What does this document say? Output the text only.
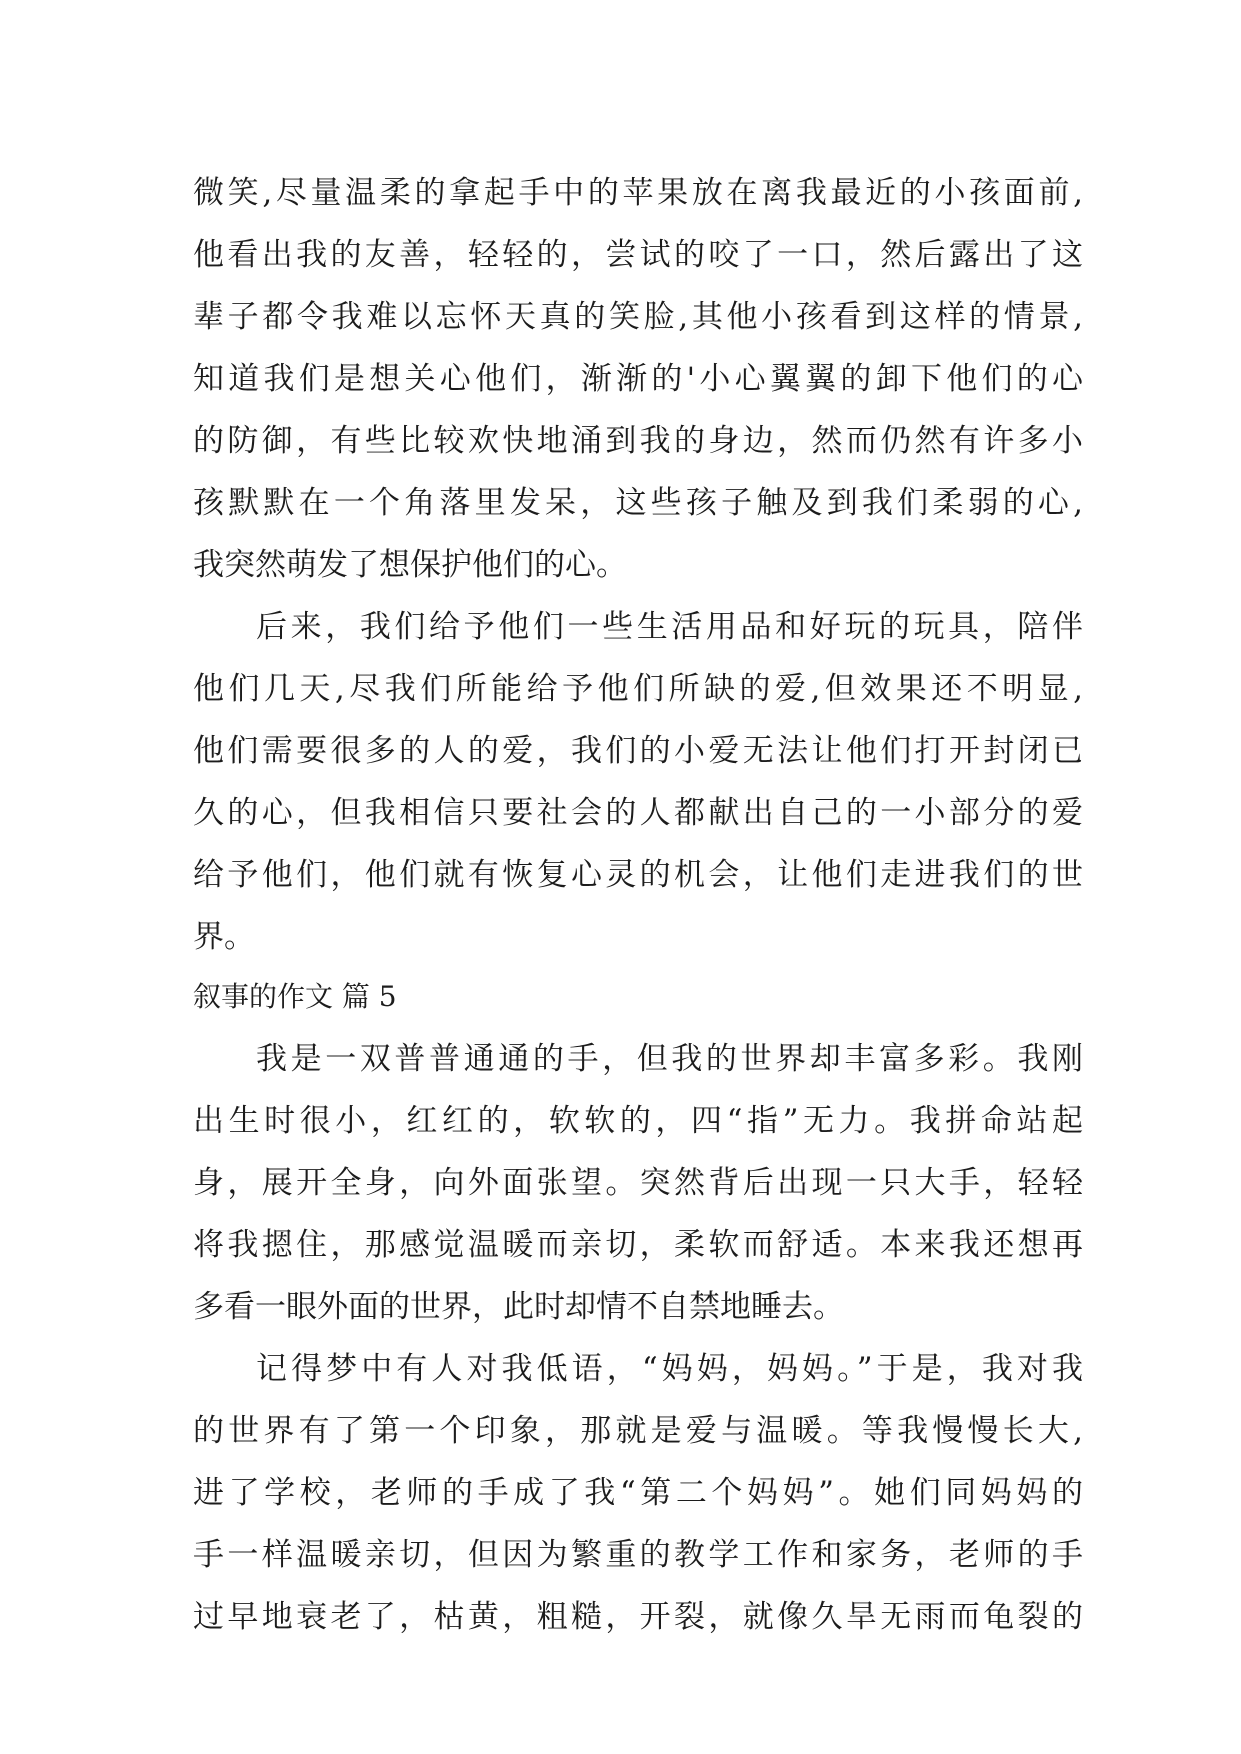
微笑,尽量温柔的拿起手中的苹果放在离我最近的小孩面前,
他看出我的友善，轻轻的，尝试的咬了一口，然后露出了这
辈子都令我难以忘怀天真的笑脸,其他小孩看到这样的情景,
知道我们是想关心他们，渐渐的'小心翼翼的卸下他们的心
的防御，有些比较欢快地涌到我的身边，然而仍然有许多小
孩默默在一个角落里发呆，这些孩子触及到我们柔弱的心,
我突然萌发了想保护他们的心。
后来，我们给予他们一些生活用品和好玩的玩具，陪伴
他们几天,尽我们所能给予他们所缺的爱,但效果还不明显,
他们需要很多的人的爱，我们的小爱无法让他们打开封闭已
久的心，但我相信只要社会的人都献出自己的一小部分的爱
给予他们，他们就有恢复心灵的机会，让他们走进我们的世
界。
叙事的作文 篇 5
我是一双普普通通的手，但我的世界却丰富多彩。我刚
出生时很小，红红的，软软的，四“指”无力。我拼命站起
身，展开全身，向外面张望。突然背后出现一只大手，轻轻
将我摁住，那感觉温暖而亲切，柔软而舒适。本来我还想再
多看一眼外面的世界，此时却情不自禁地睡去。
记得梦中有人对我低语，“妈妈，妈妈。”于是，我对我
的世界有了第一个印象，那就是爱与温暖。等我慢慢长大,
进了学校，老师的手成了我“第二个妈妈”。她们同妈妈的
手一样温暖亲切，但因为繁重的教学工作和家务，老师的手
过早地衰老了，枯黄，粗糙，开裂，就像久旱无雨而龟裂的
